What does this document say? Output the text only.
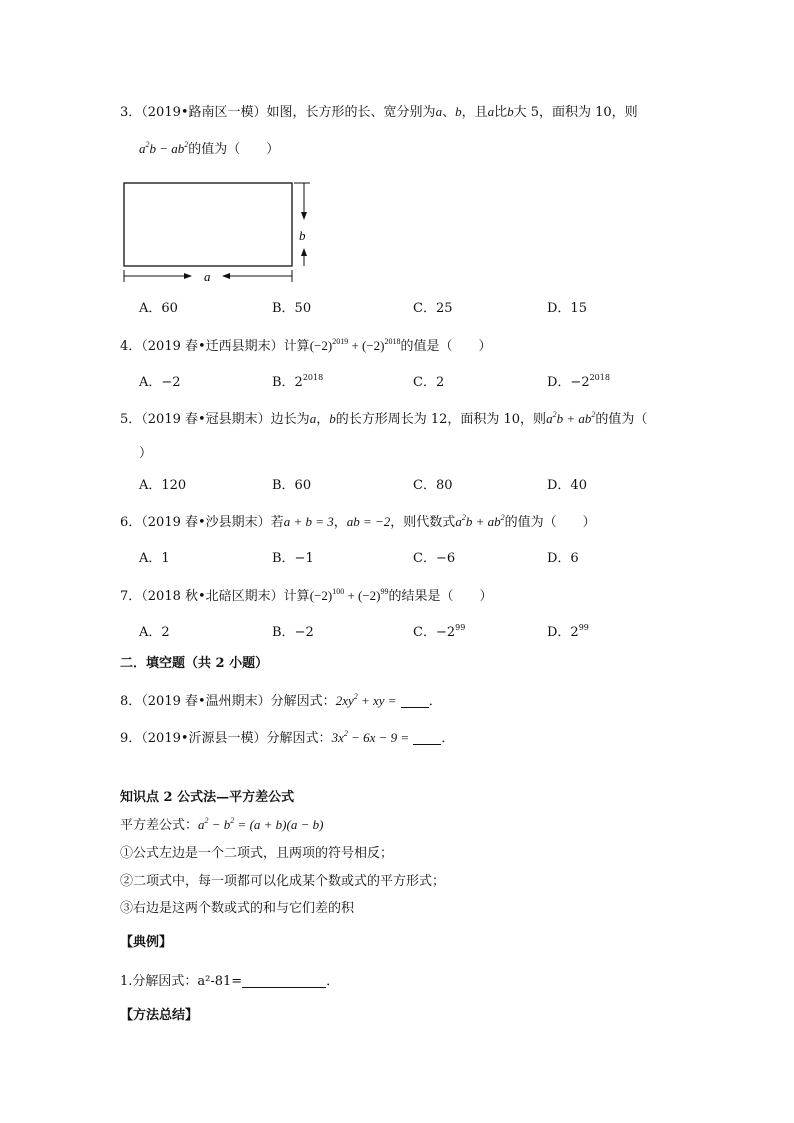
3．（2019•路南区一模）如图，长方形的长、宽分别为a、b，且a比b大 5，面积为 10，则
$a^2b - ab^2$的值为（　　）
b
a
A．60	B．50	C．25	D．15
4．（2019 春•迁西县期末）计算$(-2)^{2019} + (-2)^{2018}$的值是（　　）
A．−2	B．$2^{2018}$	C．2	D．$-2^{2018}$
5．（2019 春•冠县期末）边长为a，b的长方形周长为 12，面积为 10，则$a^2b + ab^2$的值为（
）
A．120	B．60	C．80	D．40
6．（2019 春•沙县期末）若a + b = 3，ab = −2，则代数式$a^2b + ab^2$的值为（　　）
A．1	B．−1	C．−6	D．6
7．（2018 秋•北碚区期末）计算$(-2)^{100} + (-2)^{99}$的结果是（　　）
A．2	B．−2	C．$-2^{99}$	D．$2^{99}$
二．填空题（共 2 小题）
8．（2019 春•温州期末）分解因式：$2xy^2$ + xy = ．
9．（2019•沂源县一模）分解因式：$3x^2 - 6x - 9$ = ．
知识点 2 公式法—平方差公式
平方差公式：$a^2 - b^2 = (a + b)(a - b)$
①公式左边是一个二项式，且两项的符号相反；
②二项式中，每一项都可以化成某个数或式的平方形式；
③右边是这两个数或式的和与它们差的积
【典例】
1.分解因式：a²-81=	．
【方法总结】
